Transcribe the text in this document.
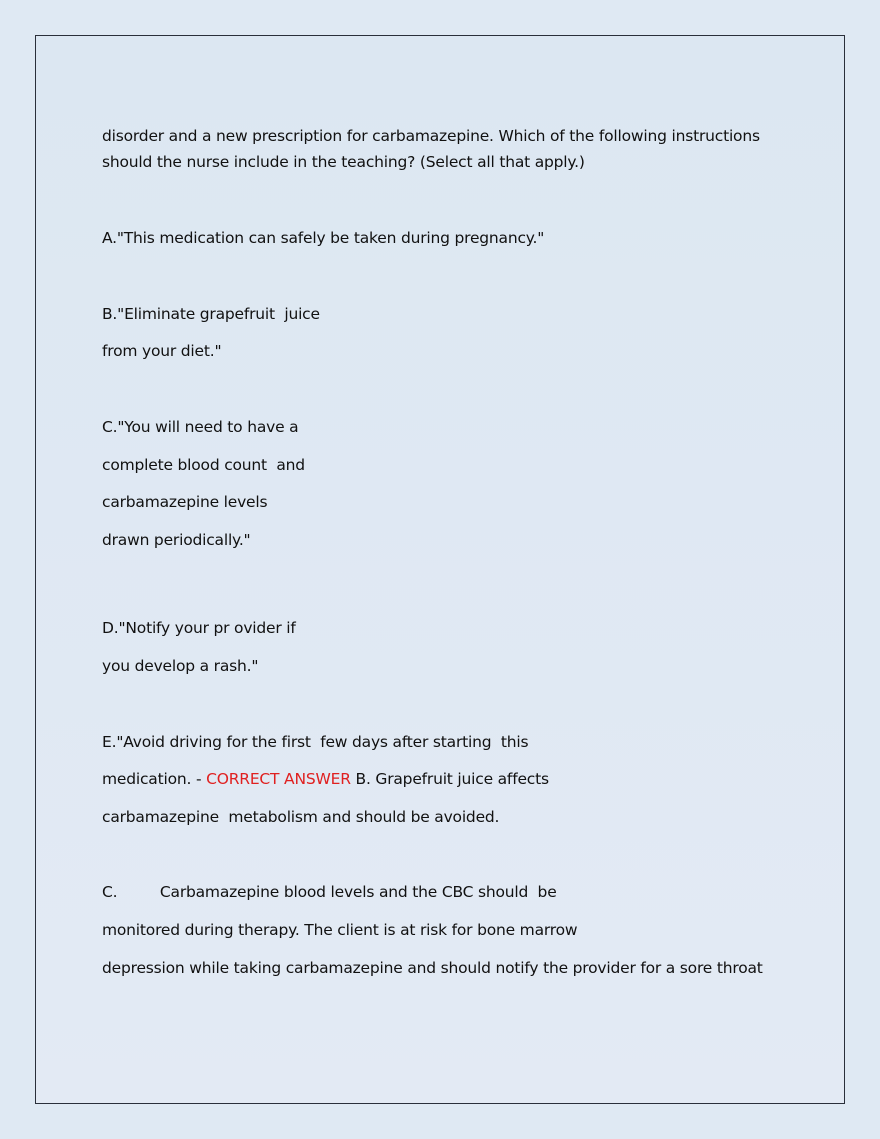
disorder and a new prescription for carbamazepine. Which of the following instructions
should the nurse include in the teaching? (Select all that apply.)
A."This medication can safely be taken during pregnancy."
B."Eliminate grapefruit  juice
from your diet."
C."You will need to have a
complete blood count  and
carbamazepine levels
drawn periodically."
D."Notify your pr ovider if
you develop a rash."
E."Avoid driving for the first  few days after starting  this
medication. - CORRECT ANSWER B. Grapefruit juice affects
carbamazepine  metabolism and should be avoided.
C.         Carbamazepine blood levels and the CBC should  be
monitored during therapy. The client is at risk for bone marrow
depression while taking carbamazepine and should notify the provider for a sore throat
